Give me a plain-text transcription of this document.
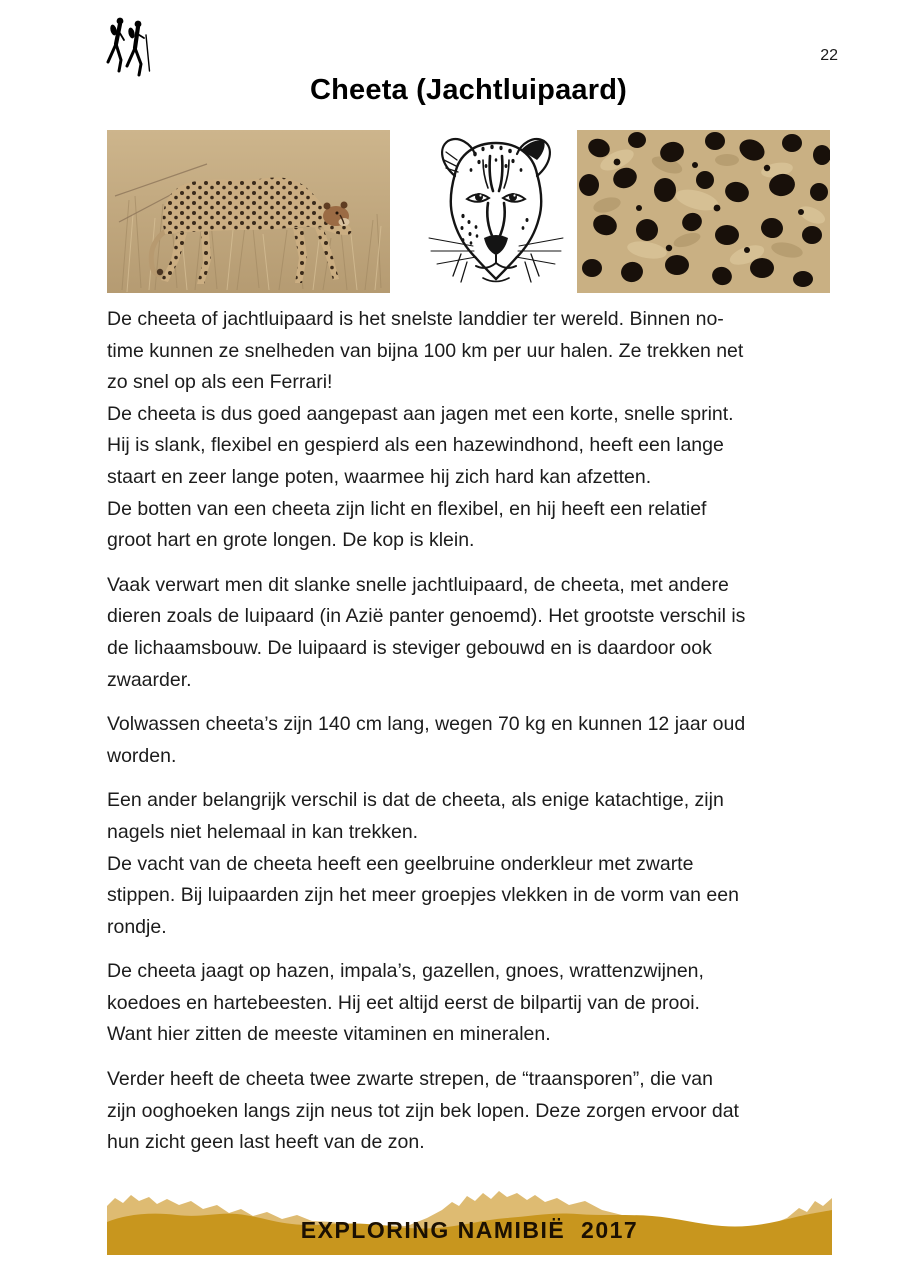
22
Cheeta (Jachtluipaard)
De cheeta of jachtluipaard is het snelste landdier ter wereld. Binnen no-
time kunnen ze snelheden van bijna 100 km per uur halen. Ze trekken net
zo snel op als een Ferrari!
De cheeta is dus goed aangepast aan jagen met een korte, snelle sprint.
Hij is slank, flexibel en gespierd als een hazewindhond, heeft een lange
staart en zeer lange poten, waarmee hij zich hard kan afzetten.
De botten van een cheeta zijn licht en flexibel, en hij heeft een relatief
groot hart en grote longen. De kop is klein.
Vaak verwart men dit slanke snelle jachtluipaard, de cheeta, met andere
dieren zoals de luipaard (in Azië panter genoemd). Het grootste verschil is
de lichaamsbouw. De luipaard is steviger gebouwd en is daardoor ook
zwaarder.
Volwassen cheeta’s zijn 140 cm lang, wegen 70 kg en kunnen 12 jaar oud
worden.
Een ander belangrijk verschil is dat de cheeta, als enige katachtige, zijn
nagels niet helemaal in kan trekken.
De vacht van de cheeta heeft een geelbruine onderkleur met zwarte
stippen. Bij luipaarden zijn het meer groepjes vlekken in de vorm van een
rondje.
De cheeta jaagt op hazen, impala’s, gazellen, gnoes, wrattenzwijnen,
koedoes en hartebeesten. Hij eet altijd eerst de bilpartij van de prooi.
Want hier zitten de meeste vitaminen en mineralen.
Verder heeft de cheeta twee zwarte strepen, de “traansporen”, die van
zijn ooghoeken langs zijn neus tot zijn bek lopen. Deze zorgen ervoor dat
hun zicht geen last heeft van de zon.
EXPLORING NAMIBIË  2017
